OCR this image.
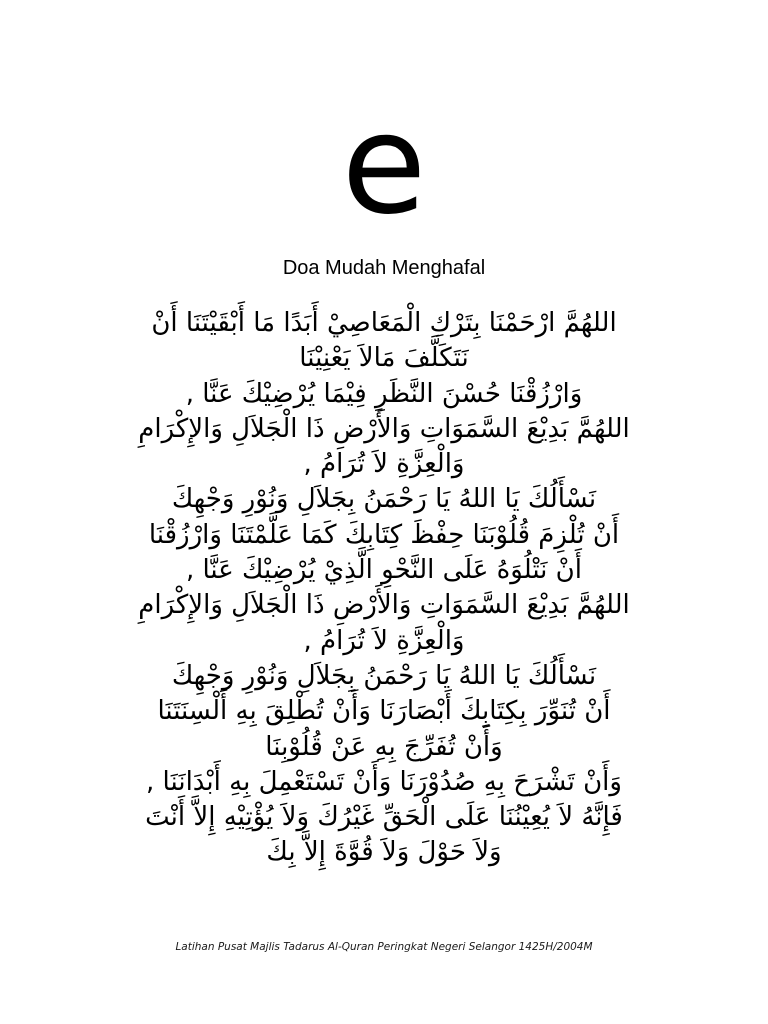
e
Doa Mudah Menghafal
اللهُمَّ ارْحَمْنَا بِتَرْكِ الْمَعَاصِيْ أَبَدًا مَا أَبْقَيْتَنَا أَنْ
نَتَكَلَّفَ مَالاَ يَعْنِيْنَا
وَارْزُقْنَا حُسْنَ النَّظَرِ فِيْمَا يُرْضِيْكَ عَنَّا ,
اللهُمَّ بَدِيْعَ السَّمَوَاتِ وَالأَرْضِ ذَا الْجَلاَلِ وَالإِكْرَامِ
وَالْعِزَّةِ لاَ تُرَامُ ,
نَسْأَلُكَ يَا اللهُ يَا رَحْمَنُ بِجَلاَلِ وَنُوْرِ وَجْهِكَ
أَنْ تُلْزِمَ قُلُوْبَنَا حِفْظَ كِتَابِكَ كَمَا عَلَّمْتَنَا وَارْزُقْنَا
أَنْ نَتْلُوَهُ عَلَى النَّحْوِ الَّذِيْ يُرْضِيْكَ عَنَّا ,
اللهُمَّ بَدِيْعَ السَّمَوَاتِ وَالأَرْضِ ذَا الْجَلاَلِ وَالإِكْرَامِ
وَالْعِزَّةِ لاَ تُرَامُ ,
نَسْأَلُكَ يَا اللهُ يَا رَحْمَنُ بِجَلاَلِ وَنُوْرِ وَجْهِكَ
أَنْ تُنَوِّرَ بِكِتَابِكَ أَبْصَارَنَا وَأَنْ تُطْلِقَ بِهِ أَلْسِنَتَنَا
وَأَنْ تُفَرِّجَ بِهِ عَنْ قُلُوْبِنَا
وَأَنْ تَشْرَحَ بِهِ صُدُوْرَنَا وَأَنْ تَسْتَعْمِلَ بِهِ أَبْدَانَنَا ,
فَإِنَّهُ لاَ يُعِيْنُنَا عَلَى الْحَقِّ غَيْرُكَ وَلاَ يُؤْتِيْهِ إِلاَّ أَنْتَ
وَلاَ حَوْلَ وَلاَ قُوَّةَ إِلاَّ بِكَ
Latihan Pusat Majlis Tadarus Al-Quran Peringkat Negeri Selangor 1425H/2004M
